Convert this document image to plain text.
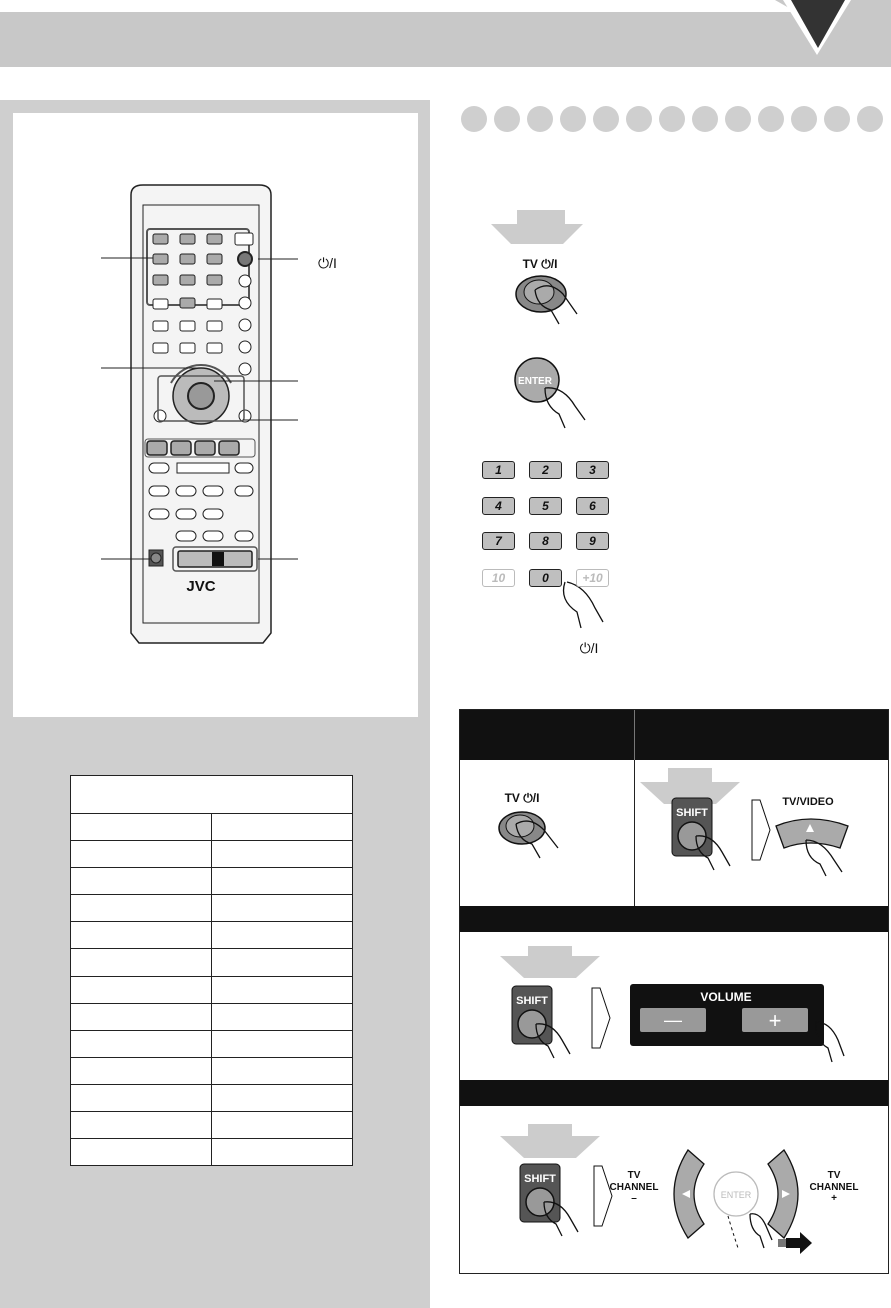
JVC
⏻/I

		TV ⏻/I
ENTER
⏻/I
1	2	3
4	5	6
7	8	9
10	0	+10
TV ⏻/I
SHIFT
TV/VIDEO
SHIFT	VOLUME
—	+
SHIFT	TV
CHANNEL
–	ENTER
TV
CHANNEL
+
